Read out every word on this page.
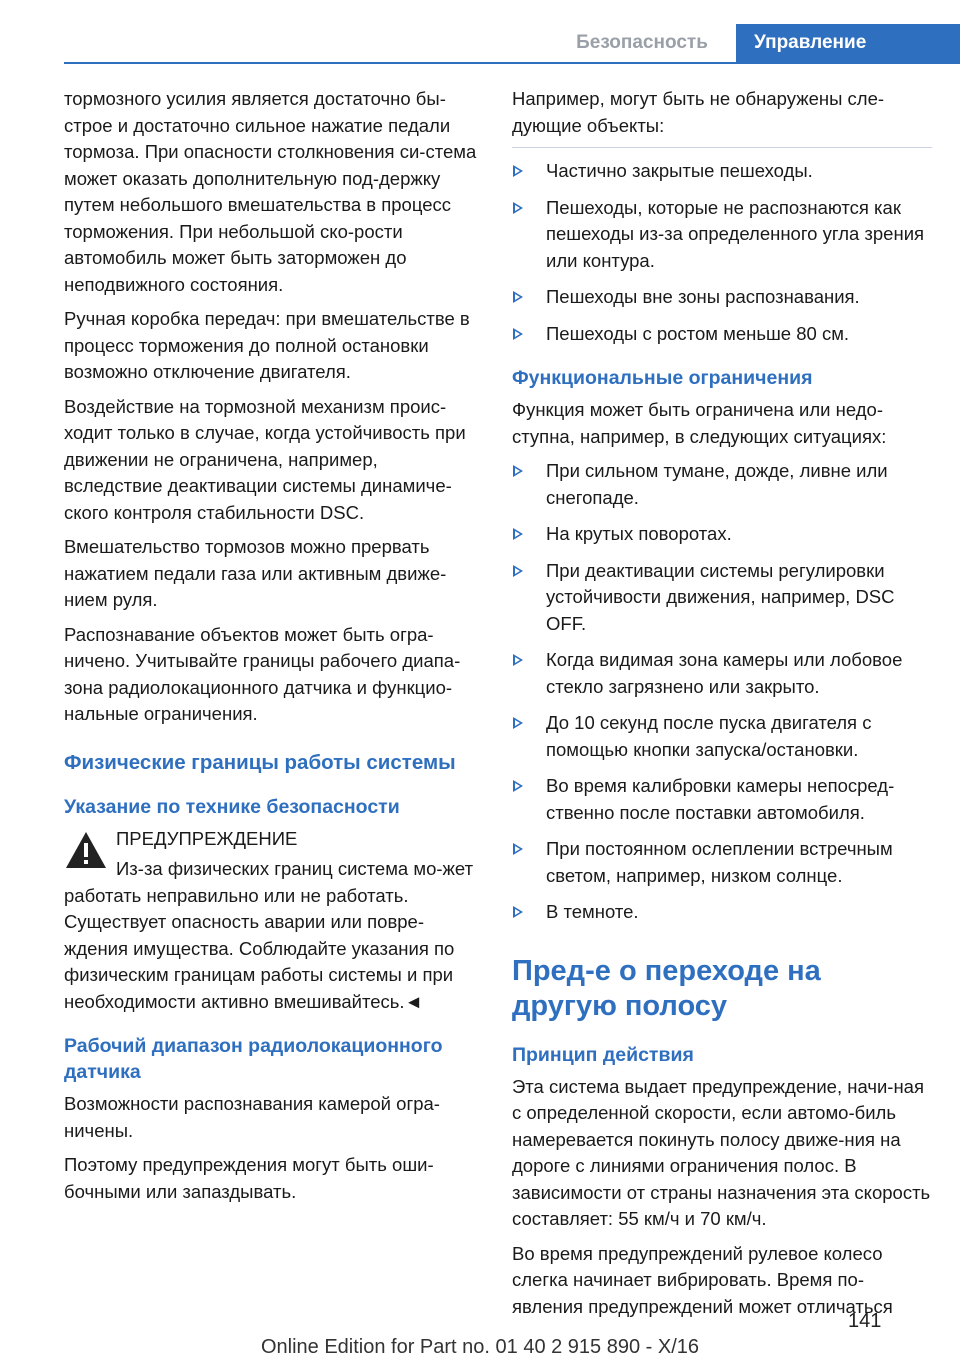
Безопасность	Управление

тормозного усилия является достаточно бы-строе и достаточно сильное нажатие педали тормоза. При опасности столкновения си-стема может оказать дополнительную под-держку путем небольшого вмешательства в процесс торможения. При небольшой ско-рости автомобиль может быть заторможен до неподвижного состояния.

Ручная коробка передач: при вмешательстве в процесс торможения до полной остановки возможно отключение двигателя.

Воздействие на тормозной механизм проис-ходит только в случае, когда устойчивость при движении не ограничена, например, вследствие деактивации системы динамиче-ского контроля стабильности DSC.

Вмешательство тормозов можно прервать нажатием педали газа или активным движе-нием руля.

Распознавание объектов может быть огра-ничено. Учитывайте границы рабочего диапа-зона радиолокационного датчика и функцио-нальные ограничения.

Физические границы работы системы
Указание по технике безопасности

ПРЕДУПРЕЖДЕНИЕ

Из-за физических границ система мо-жет работать неправильно или не работать. Существует опасность аварии или повре-ждения имущества. Соблюдайте указания по физическим границам работы системы и при необходимости активно вмешивайтесь.◄

Рабочий диапазон радиолокационного датчика

Возможности распознавания камерой огра-ничены.

Поэтому предупреждения могут быть оши-бочными или запаздывать.

Например, могут быть не обнаружены сле-дующие объекты:

Частично закрытые пешеходы.
Пешеходы, которые не распознаются как пешеходы из-за определенного угла зрения или контура.
Пешеходы вне зоны распознавания.
Пешеходы с ростом меньше 80 см.
Функциональные ограничения

Функция может быть ограничена или недо-ступна, например, в следующих ситуациях:

При сильном тумане, дожде, ливне или снегопаде.
На крутых поворотах.
При деактивации системы регулировки устойчивости движения, например, DSC OFF.
Когда видимая зона камеры или лобовое стекло загрязнено или закрыто.
До 10 секунд после пуска двигателя с помощью кнопки запуска/остановки.
Во время калибровки камеры непосред-ственно после поставки автомобиля.
При постоянном ослеплении встречным светом, например, низком солнце.
В темноте.
Пред-е о переходе на другую полосу
Принцип действия

Эта система выдает предупреждение, начи-ная с определенной скорости, если автомо-биль намеревается покинуть полосу движе-ния на дороге с линиями ограничения полос. В зависимости от страны назначения эта скорость составляет: 55 км/ч и 70 км/ч.

Во время предупреждений рулевое колесо слегка начинает вибрировать. Время по-явления предупреждений может отличаться

141
Online Edition for Part no. 01 40 2 915 890 - X/16
